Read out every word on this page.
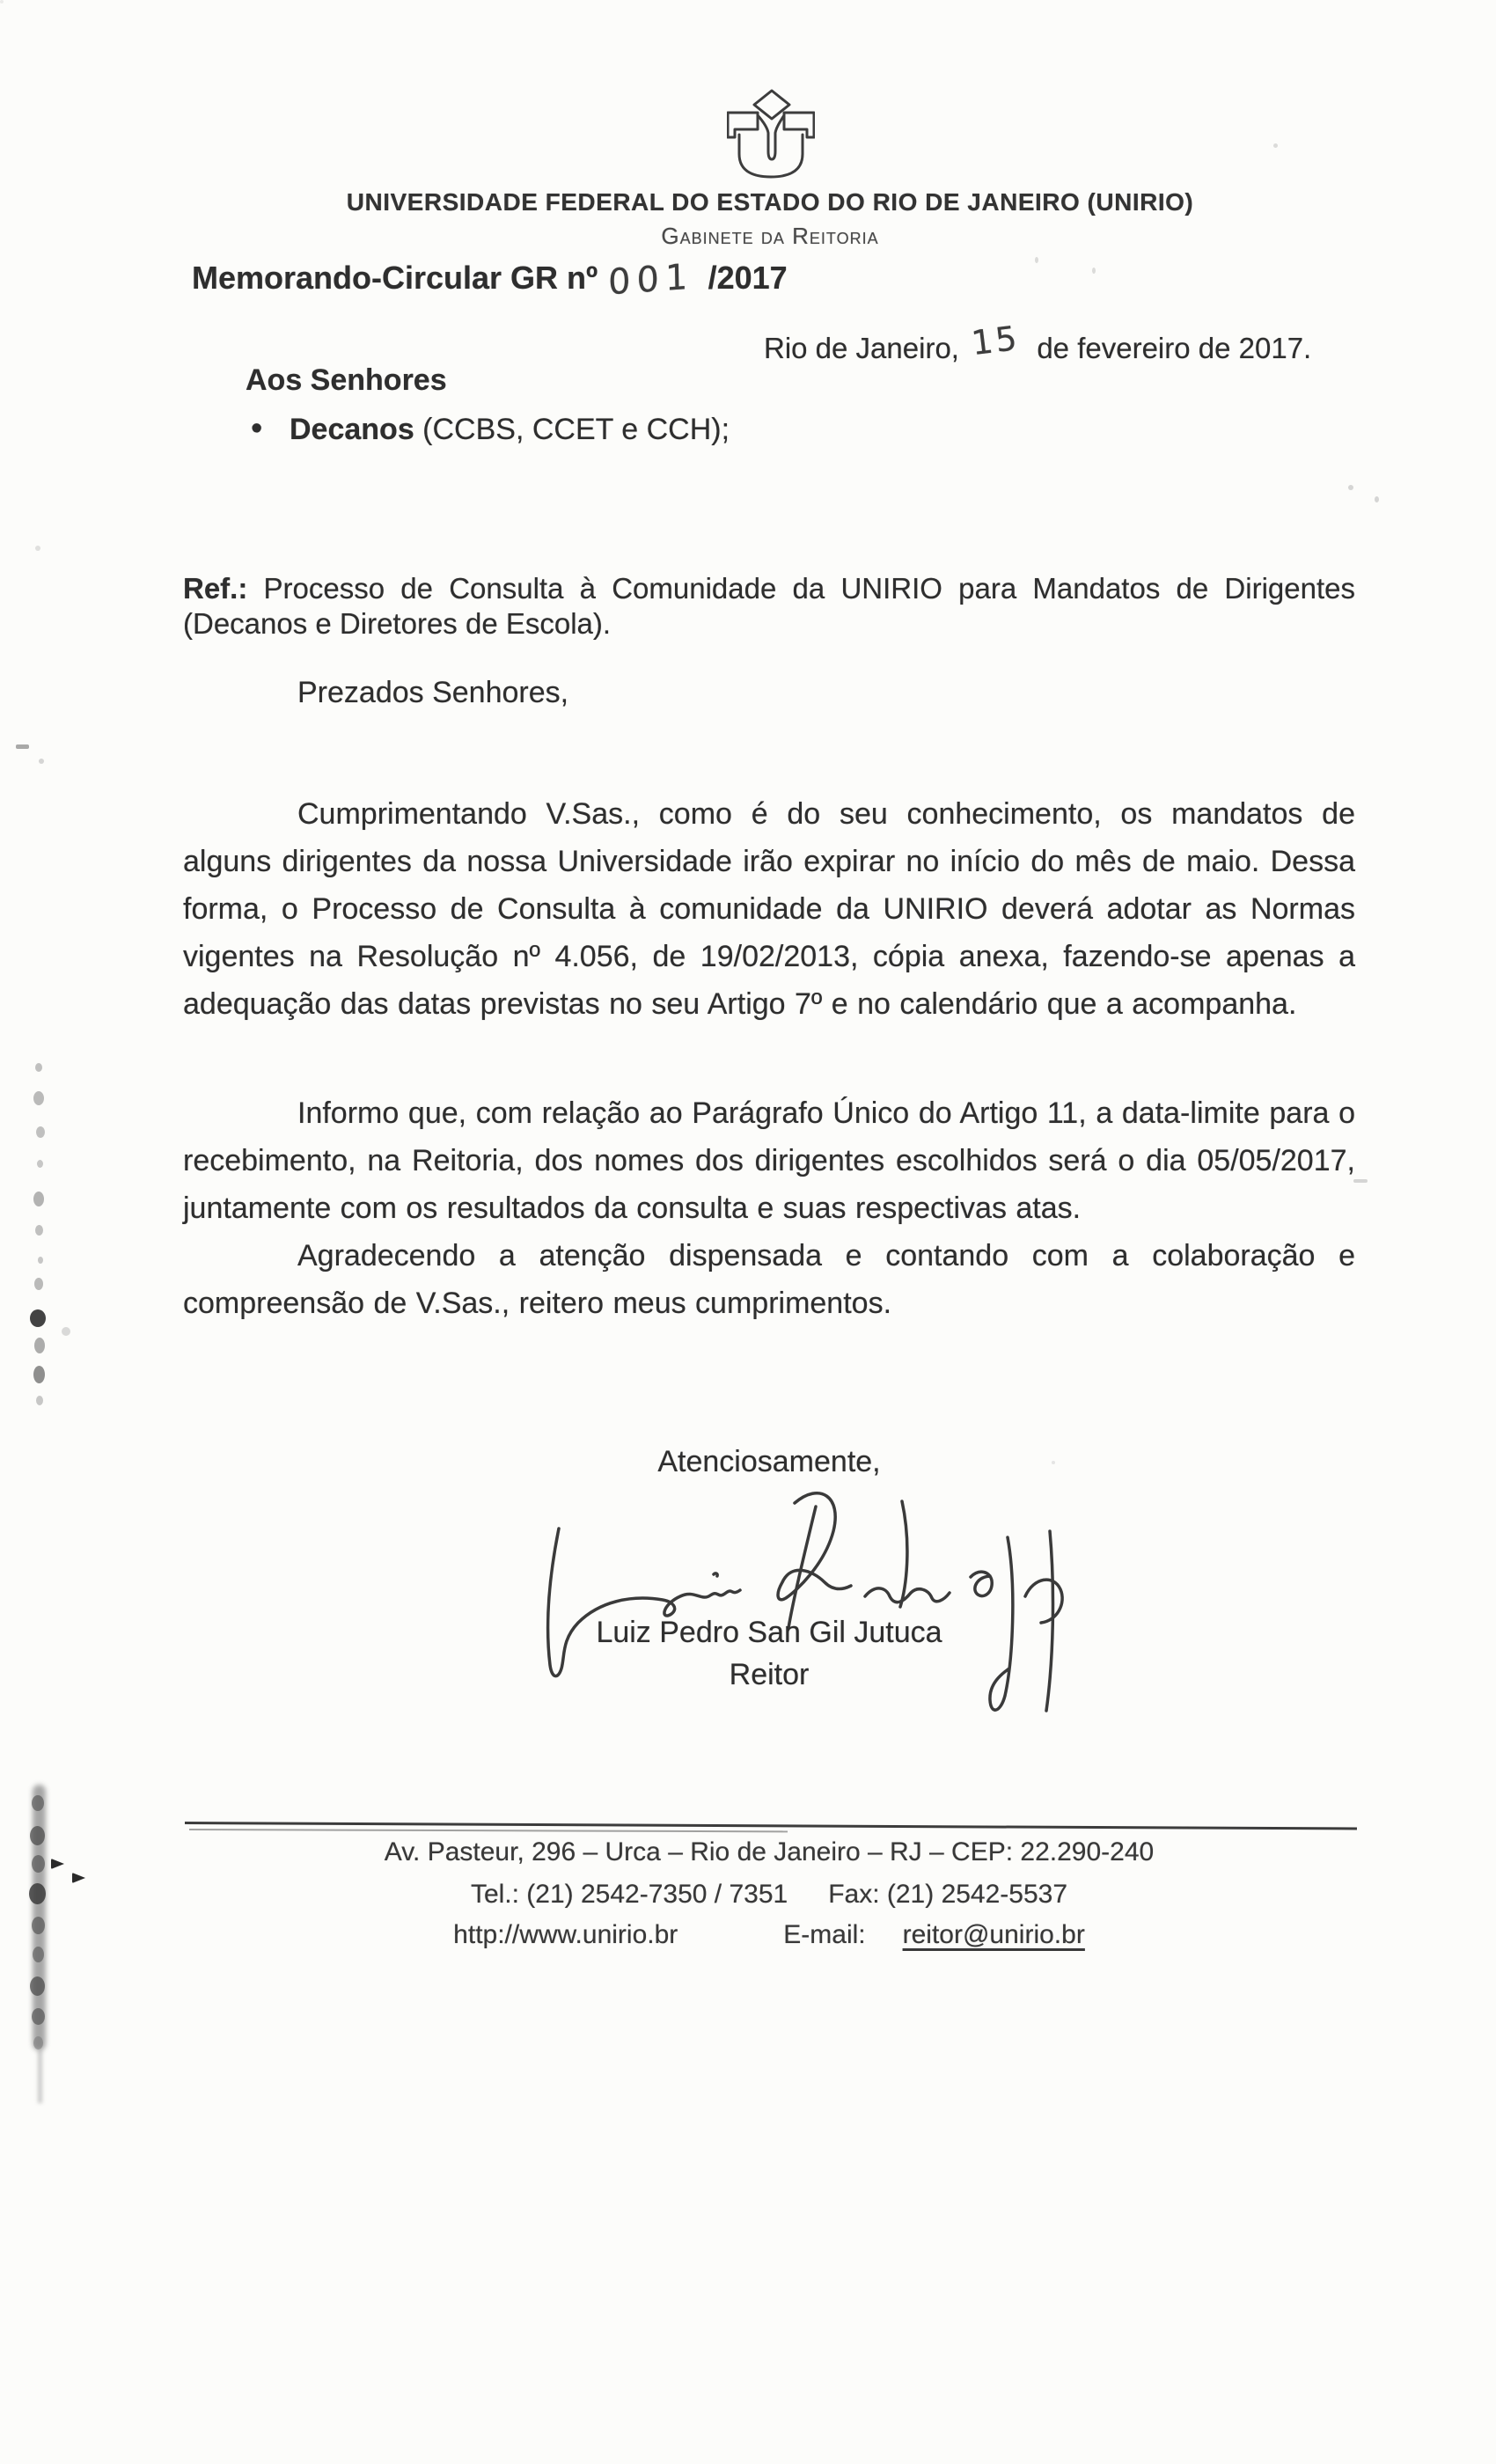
UNIVERSIDADE FEDERAL DO ESTADO DO RIO DE JANEIRO (UNIRIO)
Gabinete da Reitoria
Memorando-Circular GR nº 001 /2017
Rio de Janeiro, 15 de fevereiro de 2017.
Aos Senhores
•Decanos (CCBS, CCET e CCH);

Ref.: Processo de Consulta à Comunidade da UNIRIO para Mandatos de Dirigentes (Decanos e Diretores de Escola).

Prezados Senhores,

Cumprimentando V.Sas., como é do seu conhecimento, os mandatos de alguns dirigentes da nossa Universidade irão expirar no início do mês de maio. Dessa forma, o Processo de Consulta à comunidade da UNIRIO deverá adotar as Normas vigentes na Resolução nº 4.056, de 19/02/2013, cópia anexa, fazendo-se apenas a adequação das datas previstas no seu Artigo 7º e no calendário que a acompanha.

Informo que, com relação ao Parágrafo Único do Artigo 11, a data-limite para o recebimento, na Reitoria, dos nomes dos dirigentes escolhidos será o dia 05/05/2017, juntamente com os resultados da consulta e suas respectivas atas.

Agradecendo a atenção dispensada e contando com a colaboração e compreensão de V.Sas., reitero meus cumprimentos.

Atenciosamente,
Luiz Pedro San Gil Jutuca
Reitor
Av. Pasteur, 296 – Urca – Rio de Janeiro – RJ – CEP: 22.290-240
Tel.: (21) 2542-7350 / 7351 Fax: (21) 2542-5537
http://www.unirio.br	E-mail: reitor@unirio.br
